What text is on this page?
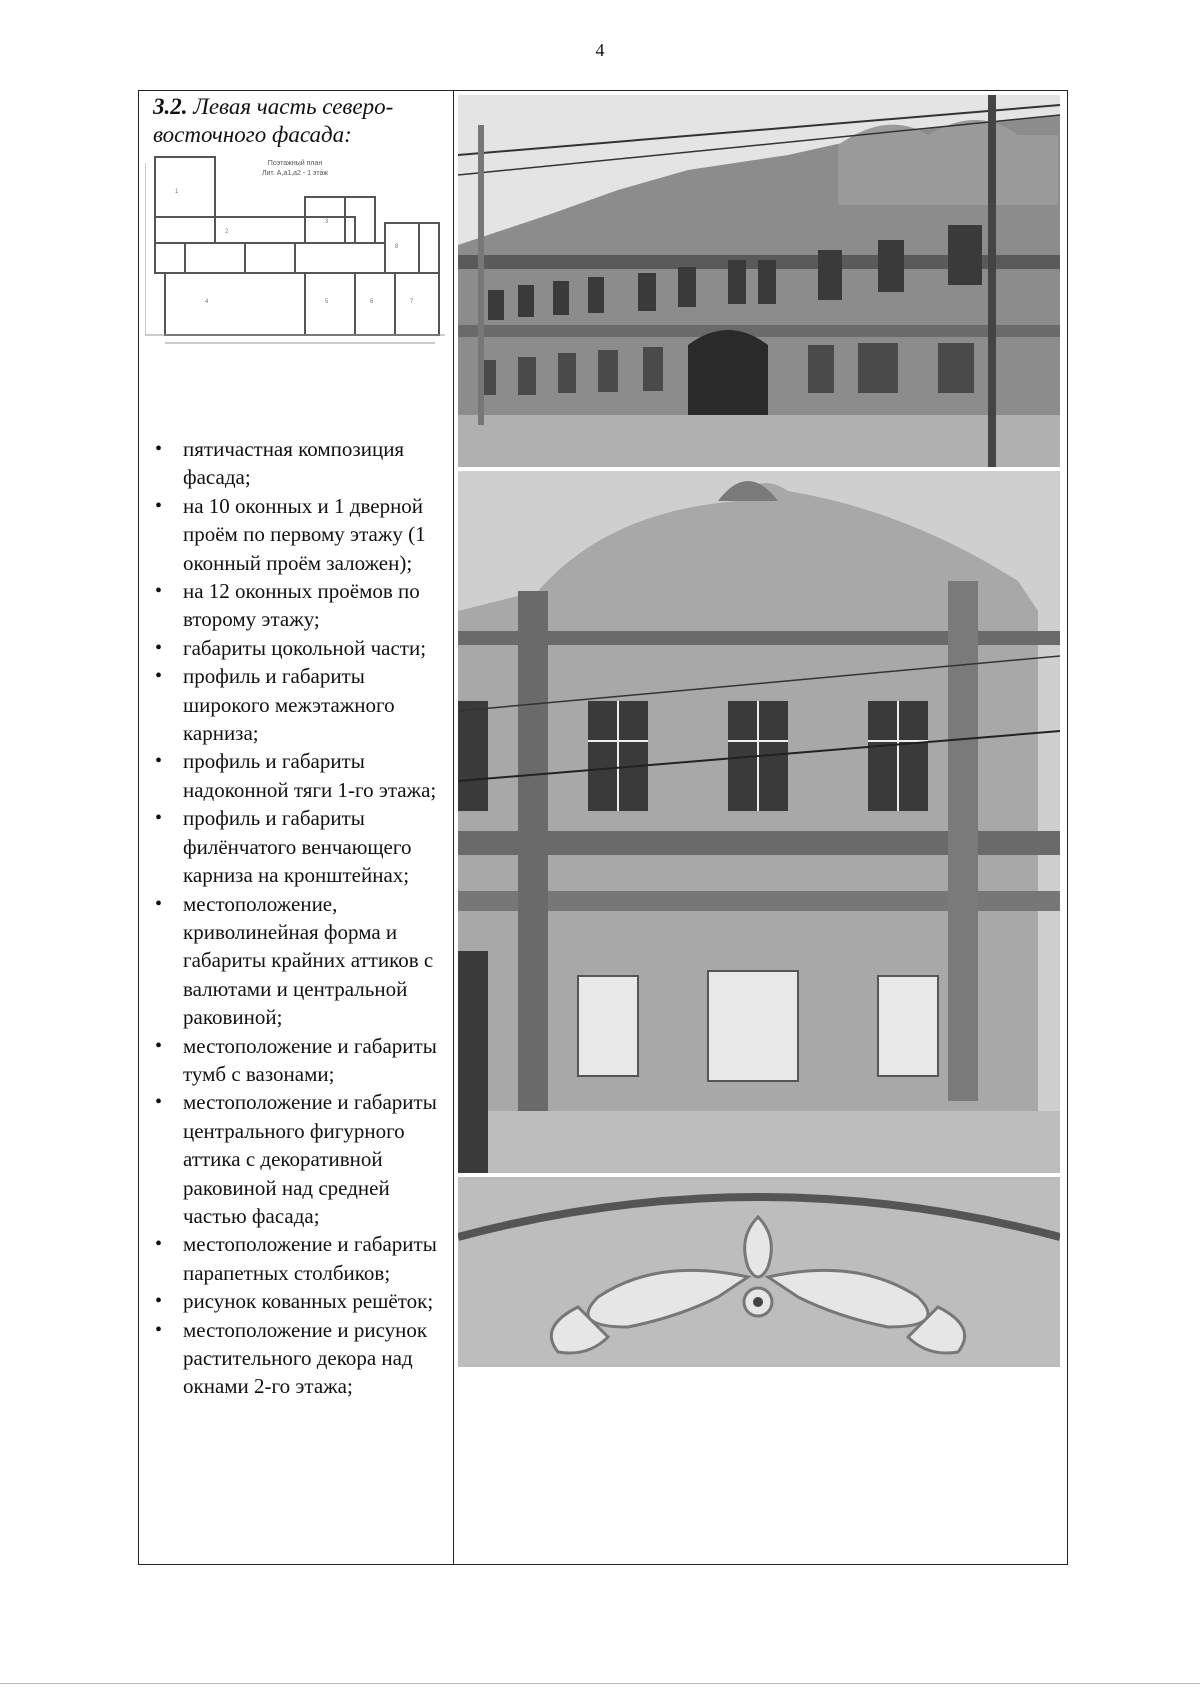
4
3.2. Левая часть северо-восточного фасада:
Поэтажный план
Лит. А,а1,а2 - 1 этаж
1
2
3
4	5	6	7
8
• пятичастная композиция фасада;
• на 10 оконных и 1 дверной проём по первому этажу (1 оконный проём заложен);
• на 12 оконных проёмов по второму этажу;
• габариты цокольной части;
• профиль и габариты широкого межэтажного карниза;
• профиль и габариты надоконной тяги 1-го этажа;
• профиль и габариты филёнчатого венчающего карниза на кронштейнах;
• местоположение, криволинейная форма и габариты крайних аттиков с валютами и центральной раковиной;
• местоположение и габариты тумб с вазонами;
• местоположение и габариты центрального фигурного аттика с декоративной раковиной над средней частью фасада;
• местоположение и габариты парапетных столбиков;
• рисунок кованных решёток;
• местоположение и рисунок растительного декора над окнами 2-го этажа;
